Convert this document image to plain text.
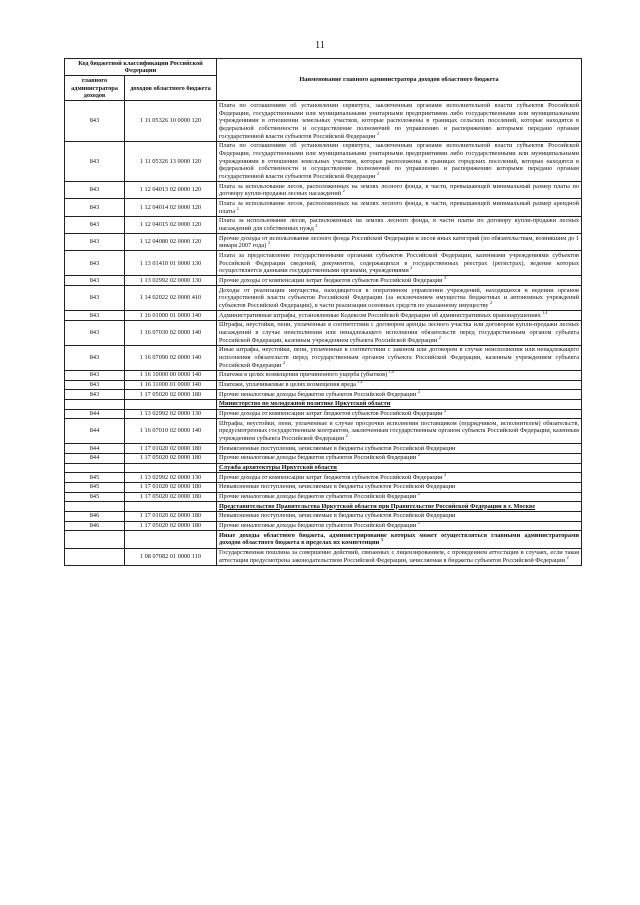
11
Код бюджетной классификации Российской Федерации		Наименование главного администратора доходов областного бюджета
главного администратора доходов	доходов областного бюджета	
843	1 11 05326 10 0000 120	Плата по соглашениям об установлении сервитута, заключенным органами исполнительной власти субъектов Российской Федерации, государственными или муниципальными унитарными предприятиями либо государственными или муниципальными учреждениями в отношении земельных участков, которые расположены в границах сельских поселений, которые находятся в федеральной собственности и осуществление полномочий по управлению и распоряжению которыми передано органам государственной власти субъектов Российской Федерации $^2$
843	1 11 05326 13 0000 120	Плата по соглашениям об установлении сервитута, заключенным органами исполнительной власти субъектов Российской Федерации, государственными или муниципальными унитарными предприятиями либо государственными или муниципальными учреждениями в отношении земельных участков, которые расположены в границах городских поселений, которые находятся в федеральной собственности и осуществление полномочий по управлению и распоряжению которыми передано органам государственной власти субъектов Российской Федерации $^2$
843	1 12 04013 02 0000 120	Плата за использование лесов, расположенных на землях лесного фонда, в части, превышающей минимальный размер платы по договору купли-продажи лесных насаждений $^2$
843	1 12 04014 02 0000 120	Плата за использование лесов, расположенных на землях лесного фонда, в части, превышающей минимальный размер арендной платы $^2$
843	1 12 04015 02 0000 120	Плата за использование лесов, расположенных на землях лесного фонда, в части платы по договору купли-продажи лесных насаждений для собственных нужд $^2$
843	1 12 04080 02 0000 120	Прочие доходы от использования лесного фонда Российской Федерации и лесов иных категорий (по обязательствам, возникшим до 1 января 2007 года) $^2$
843	1 13 01410 01 0000 130	Плата за предоставление государственными органами субъектов Российской Федерации, казенными учреждениями субъектов Российской Федерации сведений, документов, содержащихся в государственных реестрах (регистрах), ведение которых осуществляется данными государственными органами, учреждениями $^2$
843	1 13 02992 02 0000 130	Прочие доходы от компенсации затрат бюджетов субъектов Российской Федерации $^2$
843	1 14 02022 02 0000 410	Доходы от реализации имущества, находящегося в оперативном управлении учреждений, находящихся в ведении органов государственной власти субъектов Российской Федерации (за исключением имущества бюджетных и автономных учреждений субъектов Российской Федерации), в части реализации основных средств по указанному имуществу $^2$
843	1 16 01000 01 0000 140	Административные штрафы, установленные Кодексом Российской Федерации об административных правонарушениях $^{1,4}$
843	1 16 07030 02 0000 140	Штрафы, неустойки, пени, уплаченные в соответствии с договором аренды лесного участка или договором купли-продажи лесных насаждений в случае неисполнения или ненадлежащего исполнения обязательств перед государственным органом субъекта Российской Федерации, казенным учреждением субъекта Российской Федерации $^2$
843	1 16 07090 02 0000 140	Иные штрафы, неустойки, пени, уплаченные в соответствии с законом или договором в случае неисполнения или ненадлежащего исполнения обязательств перед государственным органом субъекта Российской Федерации, казенным учреждением субъекта Российской Федерации $^2$
843	1 16 10000 00 0000 140	Платежи в целях возмещения причиненного ущерба (убытков) $^{1,4}$
843	1 16 11000 01 0000 140	Платежи, уплачиваемые в целях возмещения вреда $^{1,4}$
843	1 17 05020 02 0000 180	Прочие неналоговые доходы бюджетов субъектов Российской Федерации $^2$
		Министерство по молодежной политике Иркутской области
844	1 13 02992 02 0000 130	Прочие доходы от компенсации затрат бюджетов субъектов Российской Федерации $^2$
844	1 16 07010 02 0000 140	Штрафы, неустойки, пени, уплаченные в случае просрочки исполнения поставщиком (подрядчиком, исполнителем) обязательств, предусмотренных государственным контрактом, заключенным государственным органом субъекта Российской Федерации, казенным учреждением субъекта Российской Федерации $^2$
844	1 17 01020 02 0000 180	Невыясненные поступления, зачисляемые в бюджеты субъектов Российской Федерации
844	1 17 05020 02 0000 180	Прочие неналоговые доходы бюджетов субъектов Российской Федерации $^2$
		Служба архитектуры Иркутской области
845	1 13 02992 02 0000 130	Прочие доходы от компенсации затрат бюджетов субъектов Российской Федерации $^2$
845	1 17 01020 02 0000 180	Невыясненные поступления, зачисляемые в бюджеты субъектов Российской Федерации
845	1 17 05020 02 0000 180	Прочие неналоговые доходы бюджетов субъектов Российской Федерации $^2$
		Представительство Правительства Иркутской области при Правительстве Российской Федерации в г. Москве
846	1 17 01020 02 0000 180	Невыясненные поступления, зачисляемые в бюджеты субъектов Российской Федерации
846	1 17 05020 02 0000 180	Прочие неналоговые доходы бюджетов субъектов Российской Федерации $^2$
		Иные доходы областного бюджета, администрирование которых может осуществляться главными администраторами доходов областного бюджета в пределах их компетенции $^3$
	1 08 07082 01 0000 110	Государственная пошлина за совершение действий, связанных с лицензированием, с проведением аттестации в случаях, если такая аттестация предусмотрена законодательством Российской Федерации, зачисляемая в бюджеты субъектов Российской Федерации $^2$
